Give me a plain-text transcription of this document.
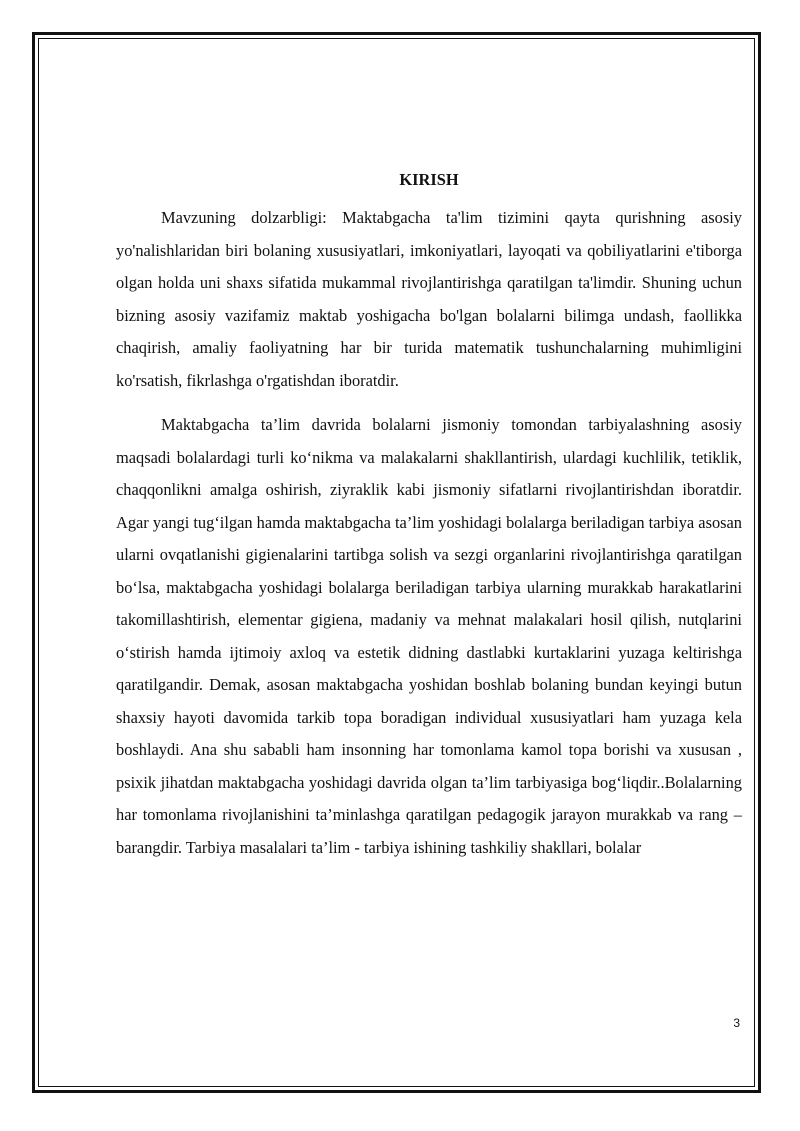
KIRISH

Mavzuning dolzarbligi: Maktabgacha ta'lim tizimini qayta qurishning asosiy yo'nalishlaridan biri bolaning xususiyatlari, imkoniyatlari, layoqati va qobiliyatlarini e'tiborga olgan holda uni shaxs sifatida mukammal rivojlantirishga qaratilgan ta'limdir. Shuning uchun bizning asosiy vazifamiz maktab yoshigacha bo'lgan bolalarni bilimga undash, faollikka chaqirish, amaliy faoliyatning har bir turida matematik tushunchalarning muhimligini ko'rsatish, fikrlashga o'rgatishdan iboratdir.

Maktabgacha ta’lim davrida bolalarni jismoniy tomondan tarbiyalashning asosiy maqsadi bolalardagi turli ko‘nikma va malakalarni shakllantirish, ulardagi kuchlilik, tetiklik, chaqqonlikni amalga oshirish, ziyraklik kabi jismoniy sifatlarni rivojlantirishdan iboratdir. Agar yangi tug‘ilgan hamda maktabgacha ta’lim yoshidagi bolalarga beriladigan tarbiya asosan ularni ovqatlanishi gigienalarini tartibga solish va sezgi organlarini rivojlantirishga qaratilgan bo‘lsa, maktabgacha yoshidagi bolalarga beriladigan tarbiya ularning murakkab harakatlarini takomillashtirish, elementar gigiena, madaniy va mehnat malakalari hosil qilish, nutqlarini o‘stirish hamda ijtimoiy axloq va estetik didning dastlabki kurtaklarini yuzaga keltirishga qaratilgandir. Demak, asosan maktabgacha yoshidan boshlab bolaning bundan keyingi butun shaxsiy hayoti davomida tarkib topa boradigan individual xususiyatlari ham yuzaga kela boshlaydi. Ana shu sababli ham insonning har tomonlama kamol topa borishi va xususan , psixik jihatdan maktabgacha yoshidagi davrida olgan ta’lim tarbiyasiga bog‘liqdir..Bolalarning har tomonlama rivojlanishini ta’minlashga qaratilgan pedagogik jarayon murakkab va rang – barangdir. Tarbiya masalalari ta’lim - tarbiya ishining tashkiliy shakllari, bolalar

3
